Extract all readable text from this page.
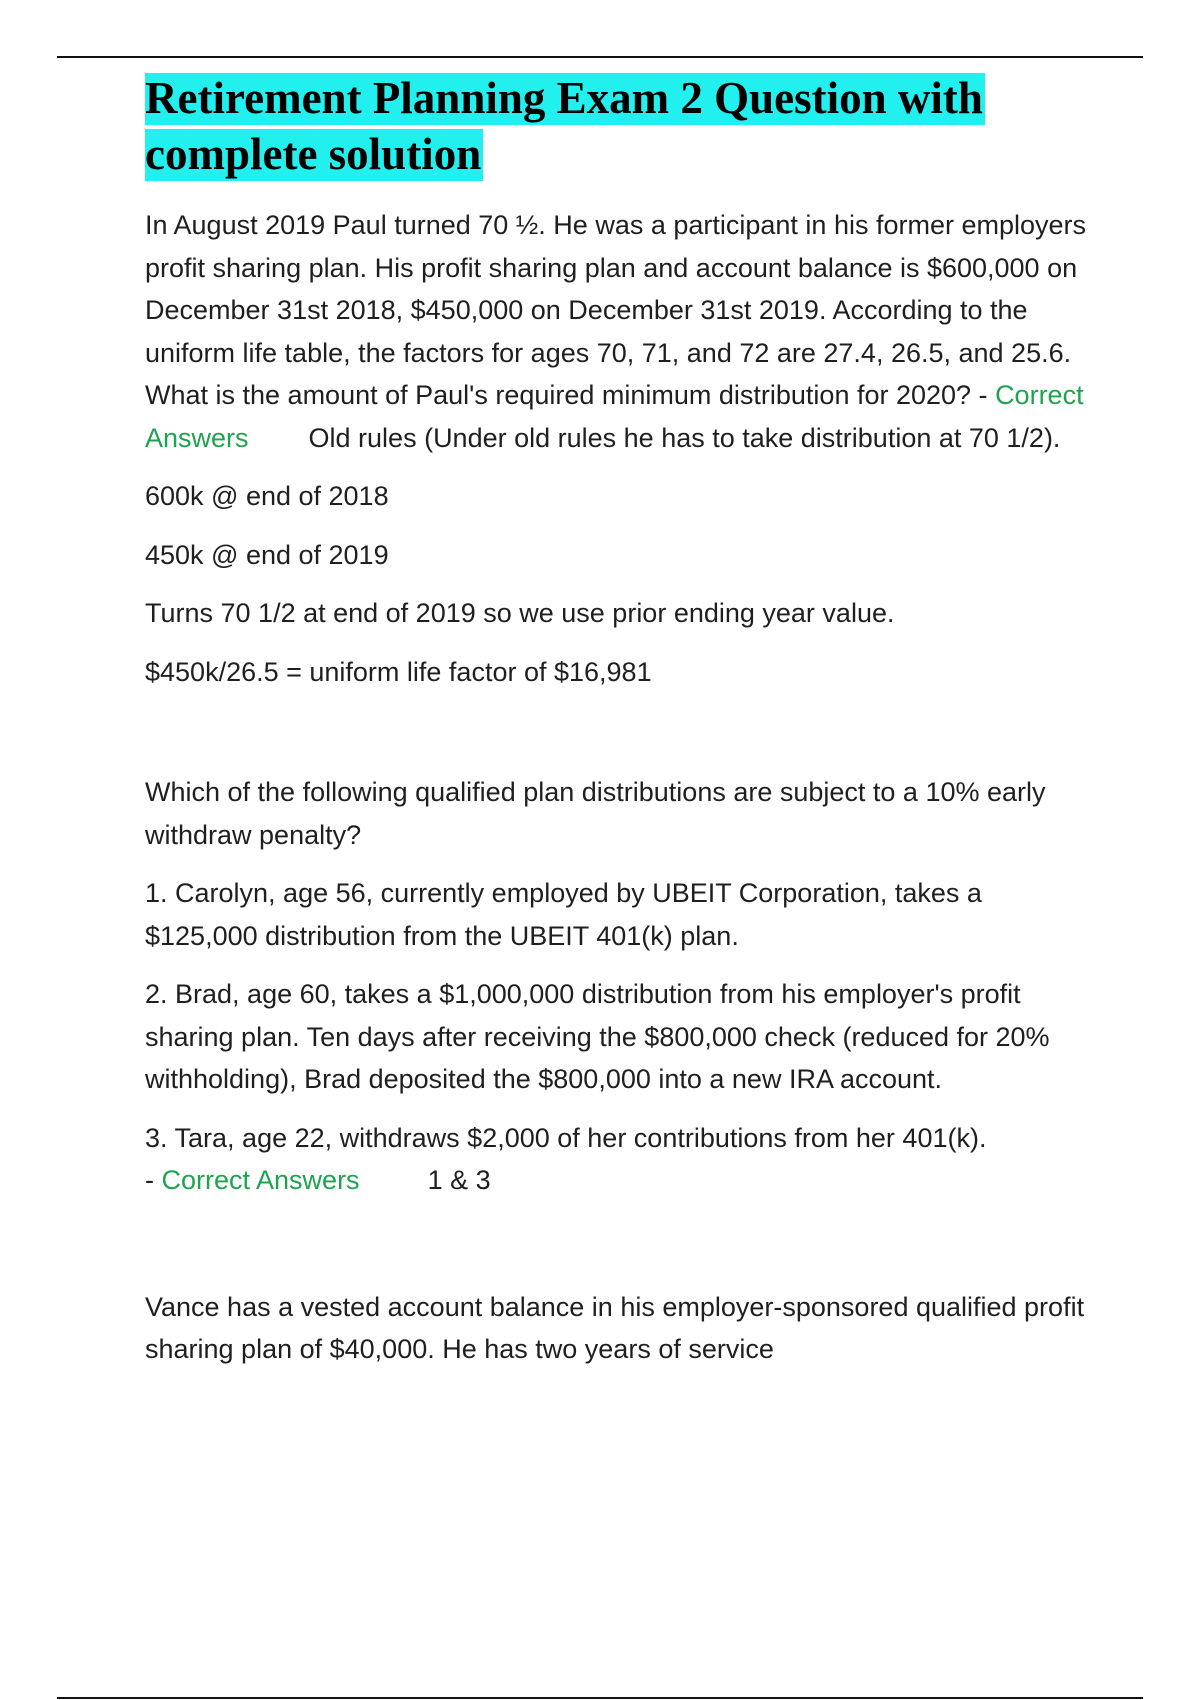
Retirement Planning Exam 2 Question with complete solution
In August 2019 Paul turned 70 ½. He was a participant in his former employers profit sharing plan. His profit sharing plan and account balance is $600,000 on December 31st 2018, $450,000 on December 31st 2019. According to the uniform life table, the factors for ages 70, 71, and 72 are 27.4, 26.5, and 25.6. What is the amount of Paul's required minimum distribution for 2020? - Correct Answers Old rules (Under old rules he has to take distribution at 70 1/2).
600k @ end of 2018
450k @ end of 2019
Turns 70 1/2 at end of 2019 so we use prior ending year value.
$450k/26.5 = uniform life factor of $16,981
Which of the following qualified plan distributions are subject to a 10% early withdraw penalty?
1. Carolyn, age 56, currently employed by UBEIT Corporation, takes a $125,000 distribution from the UBEIT 401(k) plan.
2. Brad, age 60, takes a $1,000,000 distribution from his employer's profit sharing plan. Ten days after receiving the $800,000 check (reduced for 20% withholding), Brad deposited the $800,000 into a new IRA account.
3. Tara, age 22, withdraws $2,000 of her contributions from her 401(k).
- Correct Answers	1 & 3
Vance has a vested account balance in his employer-sponsored qualified profit sharing plan of $40,000. He has two years of service
